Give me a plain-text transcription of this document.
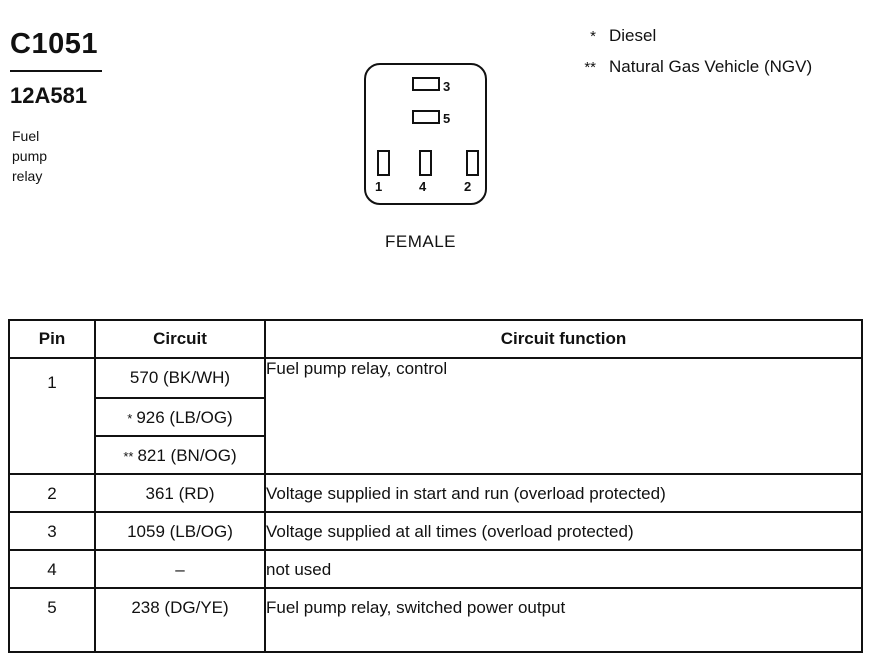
C1051
12A581
Fuel
pump
relay
* Diesel
** Natural Gas Vehicle (NGV)
3
5
1	4	2
FEMALE
Pin	Circuit	Circuit function
1	570 (BK/WH)
* 926 (LB/OG)
** 821 (BN/OG)	Fuel pump relay, control
2	361 (RD)	Voltage supplied in start and run (overload protected)
3	1059 (LB/OG)	Voltage supplied at all times (overload protected)
4	–	not used
5	238 (DG/YE)	Fuel pump relay, switched power output
